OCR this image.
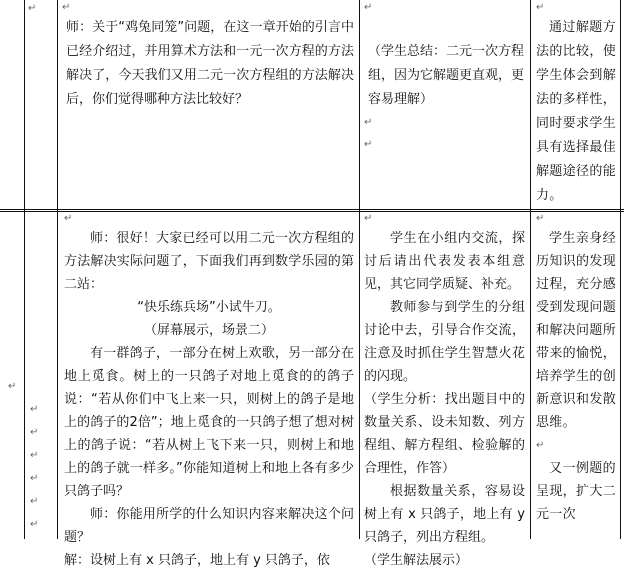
↵	↵

师：关于“鸡兔同笼”问题，在这一章开始的引言中已经介绍过，并用算术方法和一元一次方程的方法解决了，今天我们又用二元一次方程组的方法解决后，你们觉得哪种方法比较好？

↵

（学生总结：二元一次方程组，因为它解题更直观，更容易理解）

↵
↵
↵

通过解题方法的比较，使学生体会到解法的多样性，同时要求学生具有选择最佳解题途径的能力。

↵
↵
↵
↵
↵
↵
↵
↵

师：很好！大家已经可以用二元一次方程组的方法解决实际问题了，下面我们再到数学乐园的第二站：

“快乐练兵场”小试牛刀。

（屏幕展示，场景二）

有一群鸽子，一部分在树上欢歌，另一部分在地上觅食。树上的一只鸽子对地上觅食的的鸽子说：“若从你们中飞上来一只，则树上的鸽子是地上的鸽子的2倍”；地上觅食的一只鸽子想了想对树上的鸽子说：“若从树上飞下来一只，则树上和地上的鸽子就一样多。”你能知道树上和地上各有多少只鸽子吗？

师：你能用所学的什么知识内容来解决这个问题？

解：设树上有 x 只鸽子，地上有 y 只鸽子，依

↵

学生在小组内交流，探讨后请出代表发表本组意见，其它同学质疑、补充。

教师参与到学生的分组讨论中去，引导合作交流，注意及时抓住学生智慧火花的闪现。

（学生分析：找出题目中的数量关系、设未知数、列方程组、解方程组、检验解的合理性，作答）

根据数量关系，容易设树上有 x 只鸽子，地上有 y 只鸽子，列出方程组。

（学生解法展示）

↵

学生亲身经历知识的发现过程，充分感受到发现问题和解决问题所带来的愉悦，培养学生的创新意识和发散思维。

↵

又一例题的呈现，扩大二元一次
